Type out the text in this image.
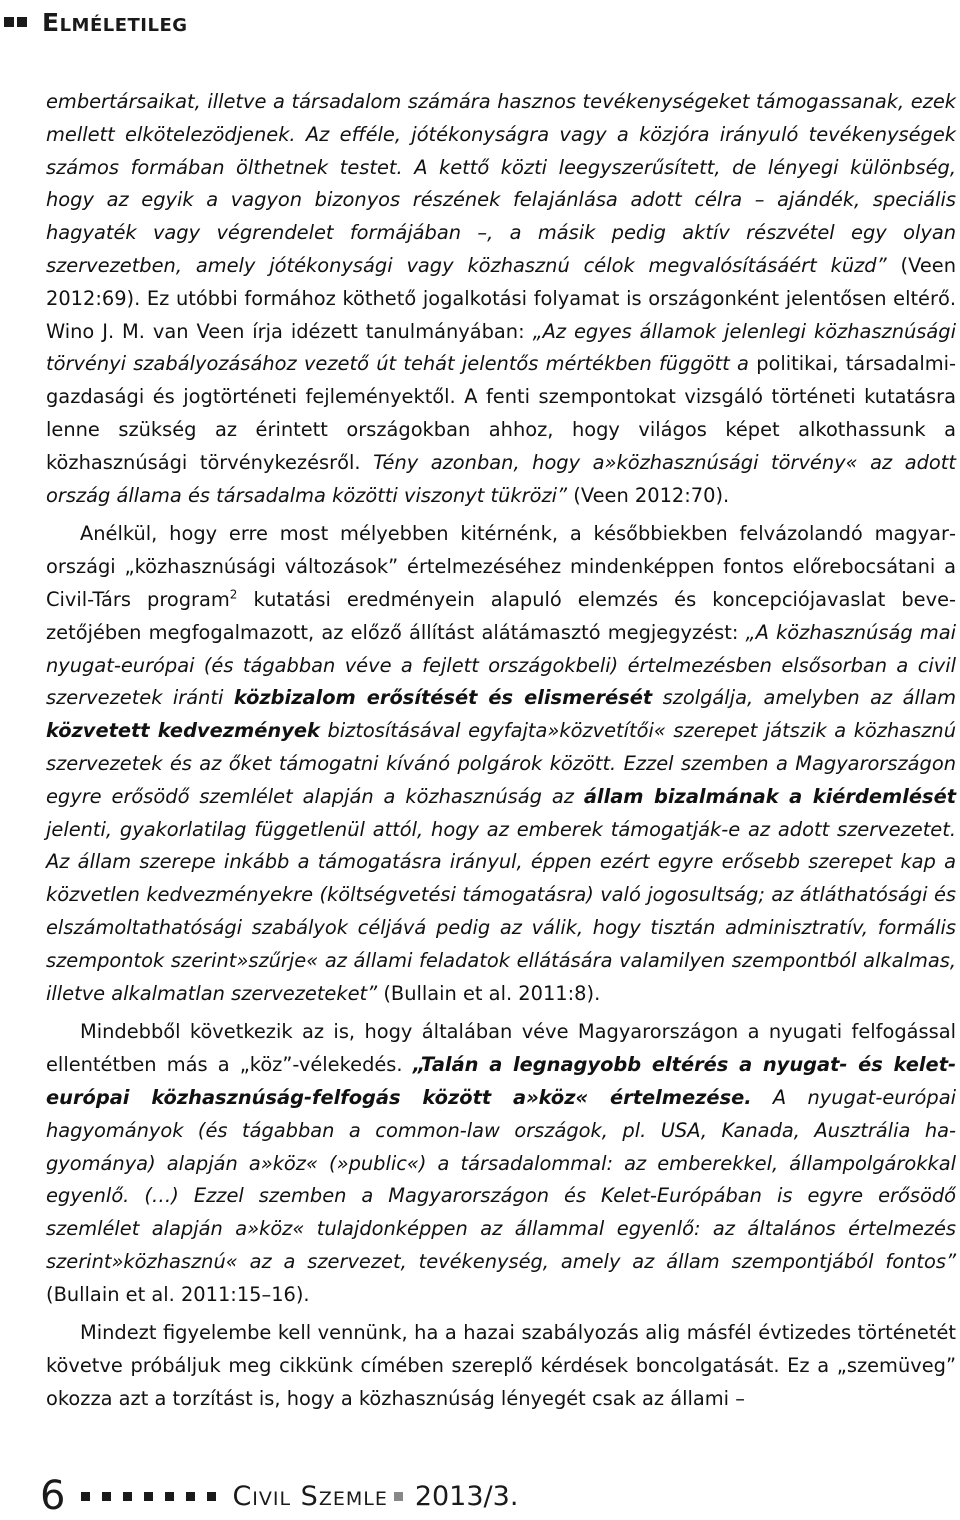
Elméletileg

embertársaikat, illetve a társadalom számára hasznos tevékenységeket támogassanak, ezek mellett elkötelezödjenek. Az efféle, jótékonyságra vagy a közjóra irányuló tevékenységek számos formában ölthetnek testet. A kettő közti leegyszerűsített, de lényegi különbség, hogy az egyik a vagyon bizonyos részének felajánlása adott célra – ajándék, speciális hagyaték vagy végrendelet formájában –, a másik pedig aktív részvétel egy olyan szervezetben, amely jótékonysági vagy közhasznú célok megvalósításáért küzd” (Veen 2012:69). Ez utóbbi formához köthető jogalkotási folyamat is országonként jelentősen eltérő. Wino J. M. van Veen írja idézett tanulmányában: „Az egyes államok jelenlegi közhasznúsági törvényi szabályozásához vezető út tehát jelentős mértékben függött a politikai, társadalmi-gazdasági és jogtörténeti fejleményektől. A fenti szempontokat vizsgáló történeti kutatásra lenne szükség az érintett országokban ahhoz, hogy világos képet alkothassunk a közhasznúsági törvénykezésről. Tény azonban, hogy a»közhasznúsági törvény« az adott ország állama és társadalma közötti viszonyt tükrözi” (Veen 2012:70).

Anélkül, hogy erre most mélyebben kitérnénk, a későbbiekben felvázolandó magyarországi „közhasznúsági változások” értelmezéséhez mindenképpen fontos előrebocsátani a Civil-Társ program$^2$ kutatási eredményein alapuló elemzés és koncepciójavaslat bevezetőjében megfogalmazott, az előző állítást alátámasztó megjegyzést: „A közhasznúság mai nyugat-európai (és tágabban véve a fejlett országokbeli) értelmezésben elsősorban a civil szervezetek iránti közbizalom erősítését és elismerését szolgálja, amelyben az állam közvetett kedvezmények biztosításával egyfajta»közvetítői« szerepet játszik a közhasznú szervezetek és az őket támogatni kívánó polgárok között. Ezzel szemben a Magyarországon egyre erősödő szemlélet alapján a közhasznúság az állam bizalmának a kiérdemlését jelenti, gyakorlatilag függetlenül attól, hogy az emberek támogatják-e az adott szervezetet. Az állam szerepe inkább a támogatásra irányul, éppen ezért egyre erősebb szerepet kap a közvetlen kedvezményekre (költségvetési támogatásra) való jogosultság; az átláthatósági és elszámoltathatósági szabályok céljává pedig az válik, hogy tisztán adminisztratív, formális szempontok szerint»szűrje« az állami feladatok ellátására valamilyen szempontból alkalmas, illetve alkalmatlan szervezeteket” (Bullain et al. 2011:8).

Mindebből következik az is, hogy általában véve Magyarországon a nyugati felfogással ellentétben más a „köz”-vélekedés. „Talán a legnagyobb eltérés a nyugat- és kelet-európai közhasznúság-felfogás között a»köz« értelmezése. A nyugat-európai hagyományok (és tágabban a common-law országok, pl. USA, Kanada, Ausztrália hagyománya) alapján a»köz« (»public«) a társadalommal: az emberekkel, állampolgárokkal egyenlő. (…) Ezzel szemben a Magyarországon és Kelet-Európában is egyre erősödő szemlélet alapján a»köz« tulajdonképpen az állammal egyenlő: az általános értelmezés szerint»közhasznú« az a szervezet, tevékenység, amely az állam szempontjából fontos” (Bullain et al. 2011:15–16).

Mindezt figyelembe kell vennünk, ha a hazai szabályozás alig másfél évtizedes történetét követve próbáljuk meg cikkünk címében szereplő kérdések boncolgatását. Ez a „szemüveg” okozza azt a torzítást is, hogy a közhasznúság lényegét csak az állami –

6	Civil Szemle 2013/3.
